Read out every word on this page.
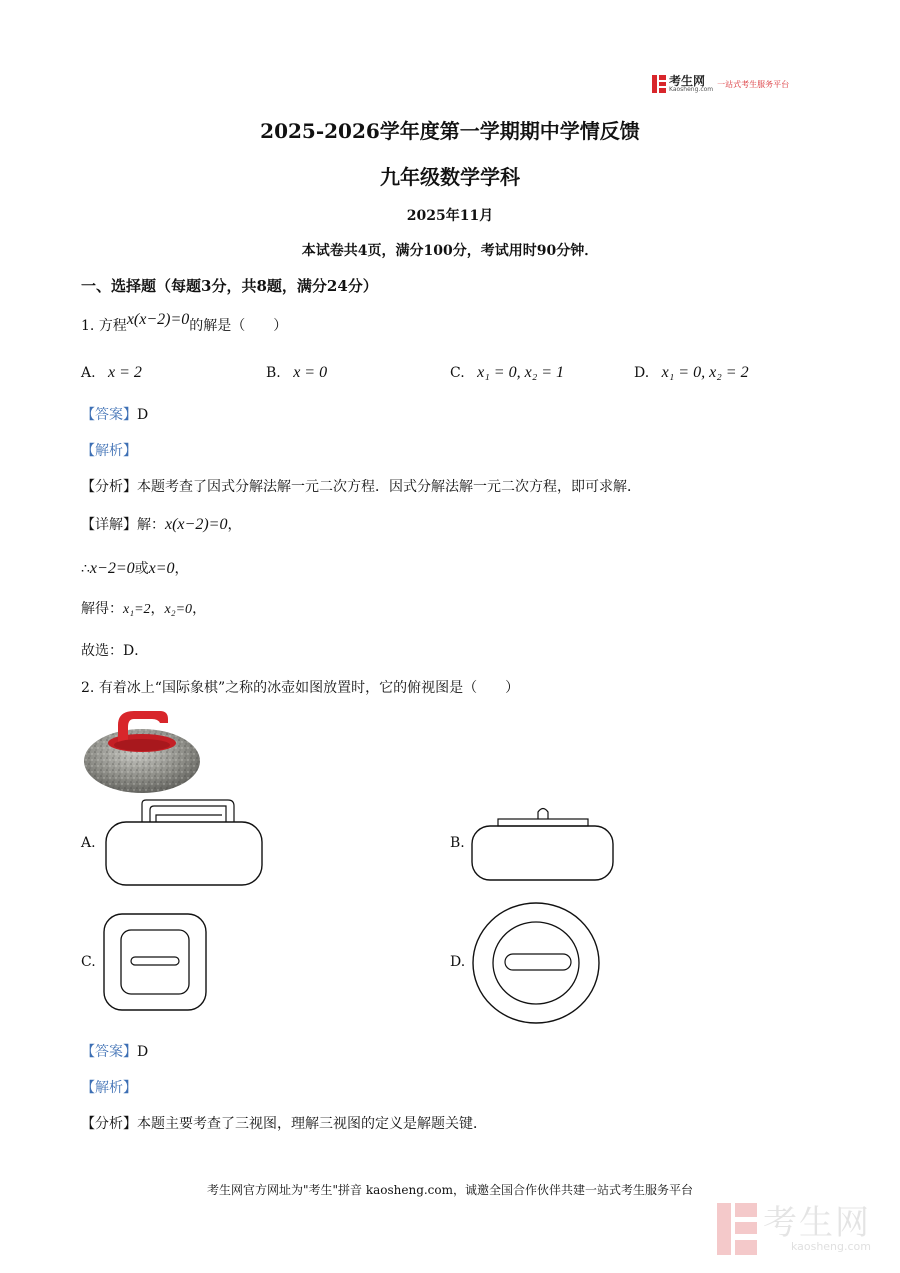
考生网
Kaosheng.com
一站式考生服务平台
2025-2026学年度第一学期期中学情反馈
九年级数学学科
2025年11月
本试卷共4页，满分100分，考试用时90分钟．
一、选择题（每题3分，共8题，满分24分）
1. 方程x(x−2)=0的解是（　　）
A. x = 2	B. x = 0	C. x₁ = 0, x₂ = 1	D. x₁ = 0, x₂ = 2
【答案】D
【解析】
【分析】本题考查了因式分解法解一元二次方程．因式分解法解一元二次方程，即可求解．
【详解】解：x(x−2)=0，
∴x−2=0或x=0，
解得：x₁=2，x₂=0，
故选：D．
2. 有着冰上“国际象棋”之称的冰壶如图放置时，它的俯视图是（　　）
A.	B.
C.	D.
【答案】D
【解析】
【分析】本题主要考查了三视图，理解三视图的定义是解题关键．
考生网官方网址为"考生"拼音 kaosheng.com，诚邀全国合作伙伴共建一站式考生服务平台
考生网
kaosheng.com
